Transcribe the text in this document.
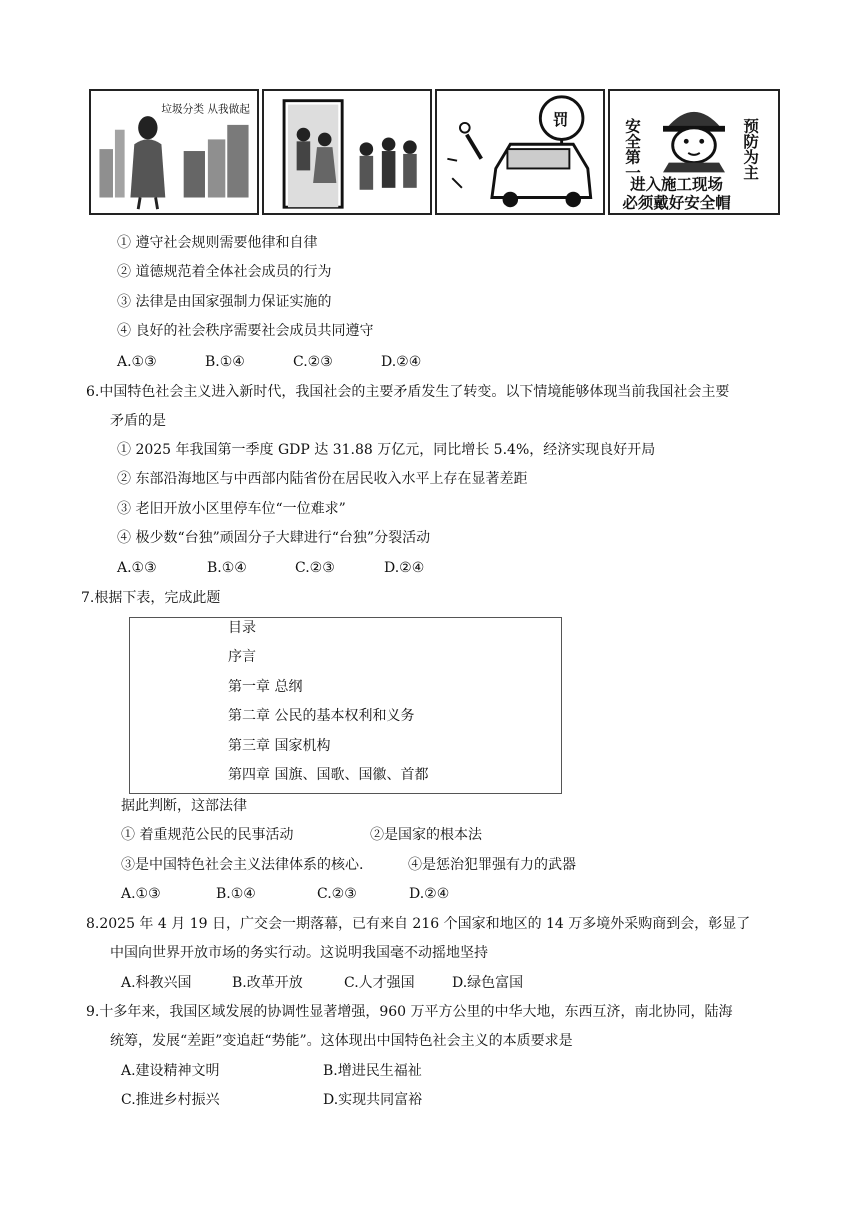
垃圾分类 从我做起
罚	安全第一	预防为主
进入施工现场
必须戴好安全帽
① 遵守社会规则需要他律和自律
② 道德规范着全体社会成员的行为
③ 法律是由国家强制力保证实施的
④ 良好的社会秩序需要社会成员共同遵守
A.①③	B.①④	C.②③	D.②④
6.中国特色社会主义进入新时代，我国社会的主要矛盾发生了转变。以下情境能够体现当前我国社会主要
矛盾的是
① 2025 年我国第一季度 GDP 达 31.88 万亿元，同比增长 5.4%，经济实现良好开局
② 东部沿海地区与中西部内陆省份在居民收入水平上存在显著差距
③ 老旧开放小区里停车位“一位难求”
④ 极少数“台独”顽固分子大肆进行“台独”分裂活动
A.①③	B.①④	C.②③	D.②④
7.根据下表，完成此题
目录
序言
第一章 总纲
第二章 公民的基本权利和义务
第三章 国家机构
第四章 国旗、国歌、国徽、首都
据此判断，这部法律
① 着重规范公民的民事活动	②是国家的根本法
③是中国特色社会主义法律体系的核心.	④是惩治犯罪强有力的武器
A.①③	B.①④	C.②③	D.②④
8.2025 年 4 月 19 日，广交会一期落幕，已有来自 216 个国家和地区的 14 万多境外采购商到会，彰显了
中国向世界开放市场的务实行动。这说明我国毫不动摇地坚持
A.科教兴国	B.改革开放	C.人才强国	D.绿色富国
9.十多年来，我国区域发展的协调性显著增强，960 万平方公里的中华大地，东西互济，南北协同，陆海
统筹，发展“差距”变追赶“势能”。这体现出中国特色社会主义的本质要求是
A.建设精神文明	B.增进民生福祉
C.推进乡村振兴	D.实现共同富裕
